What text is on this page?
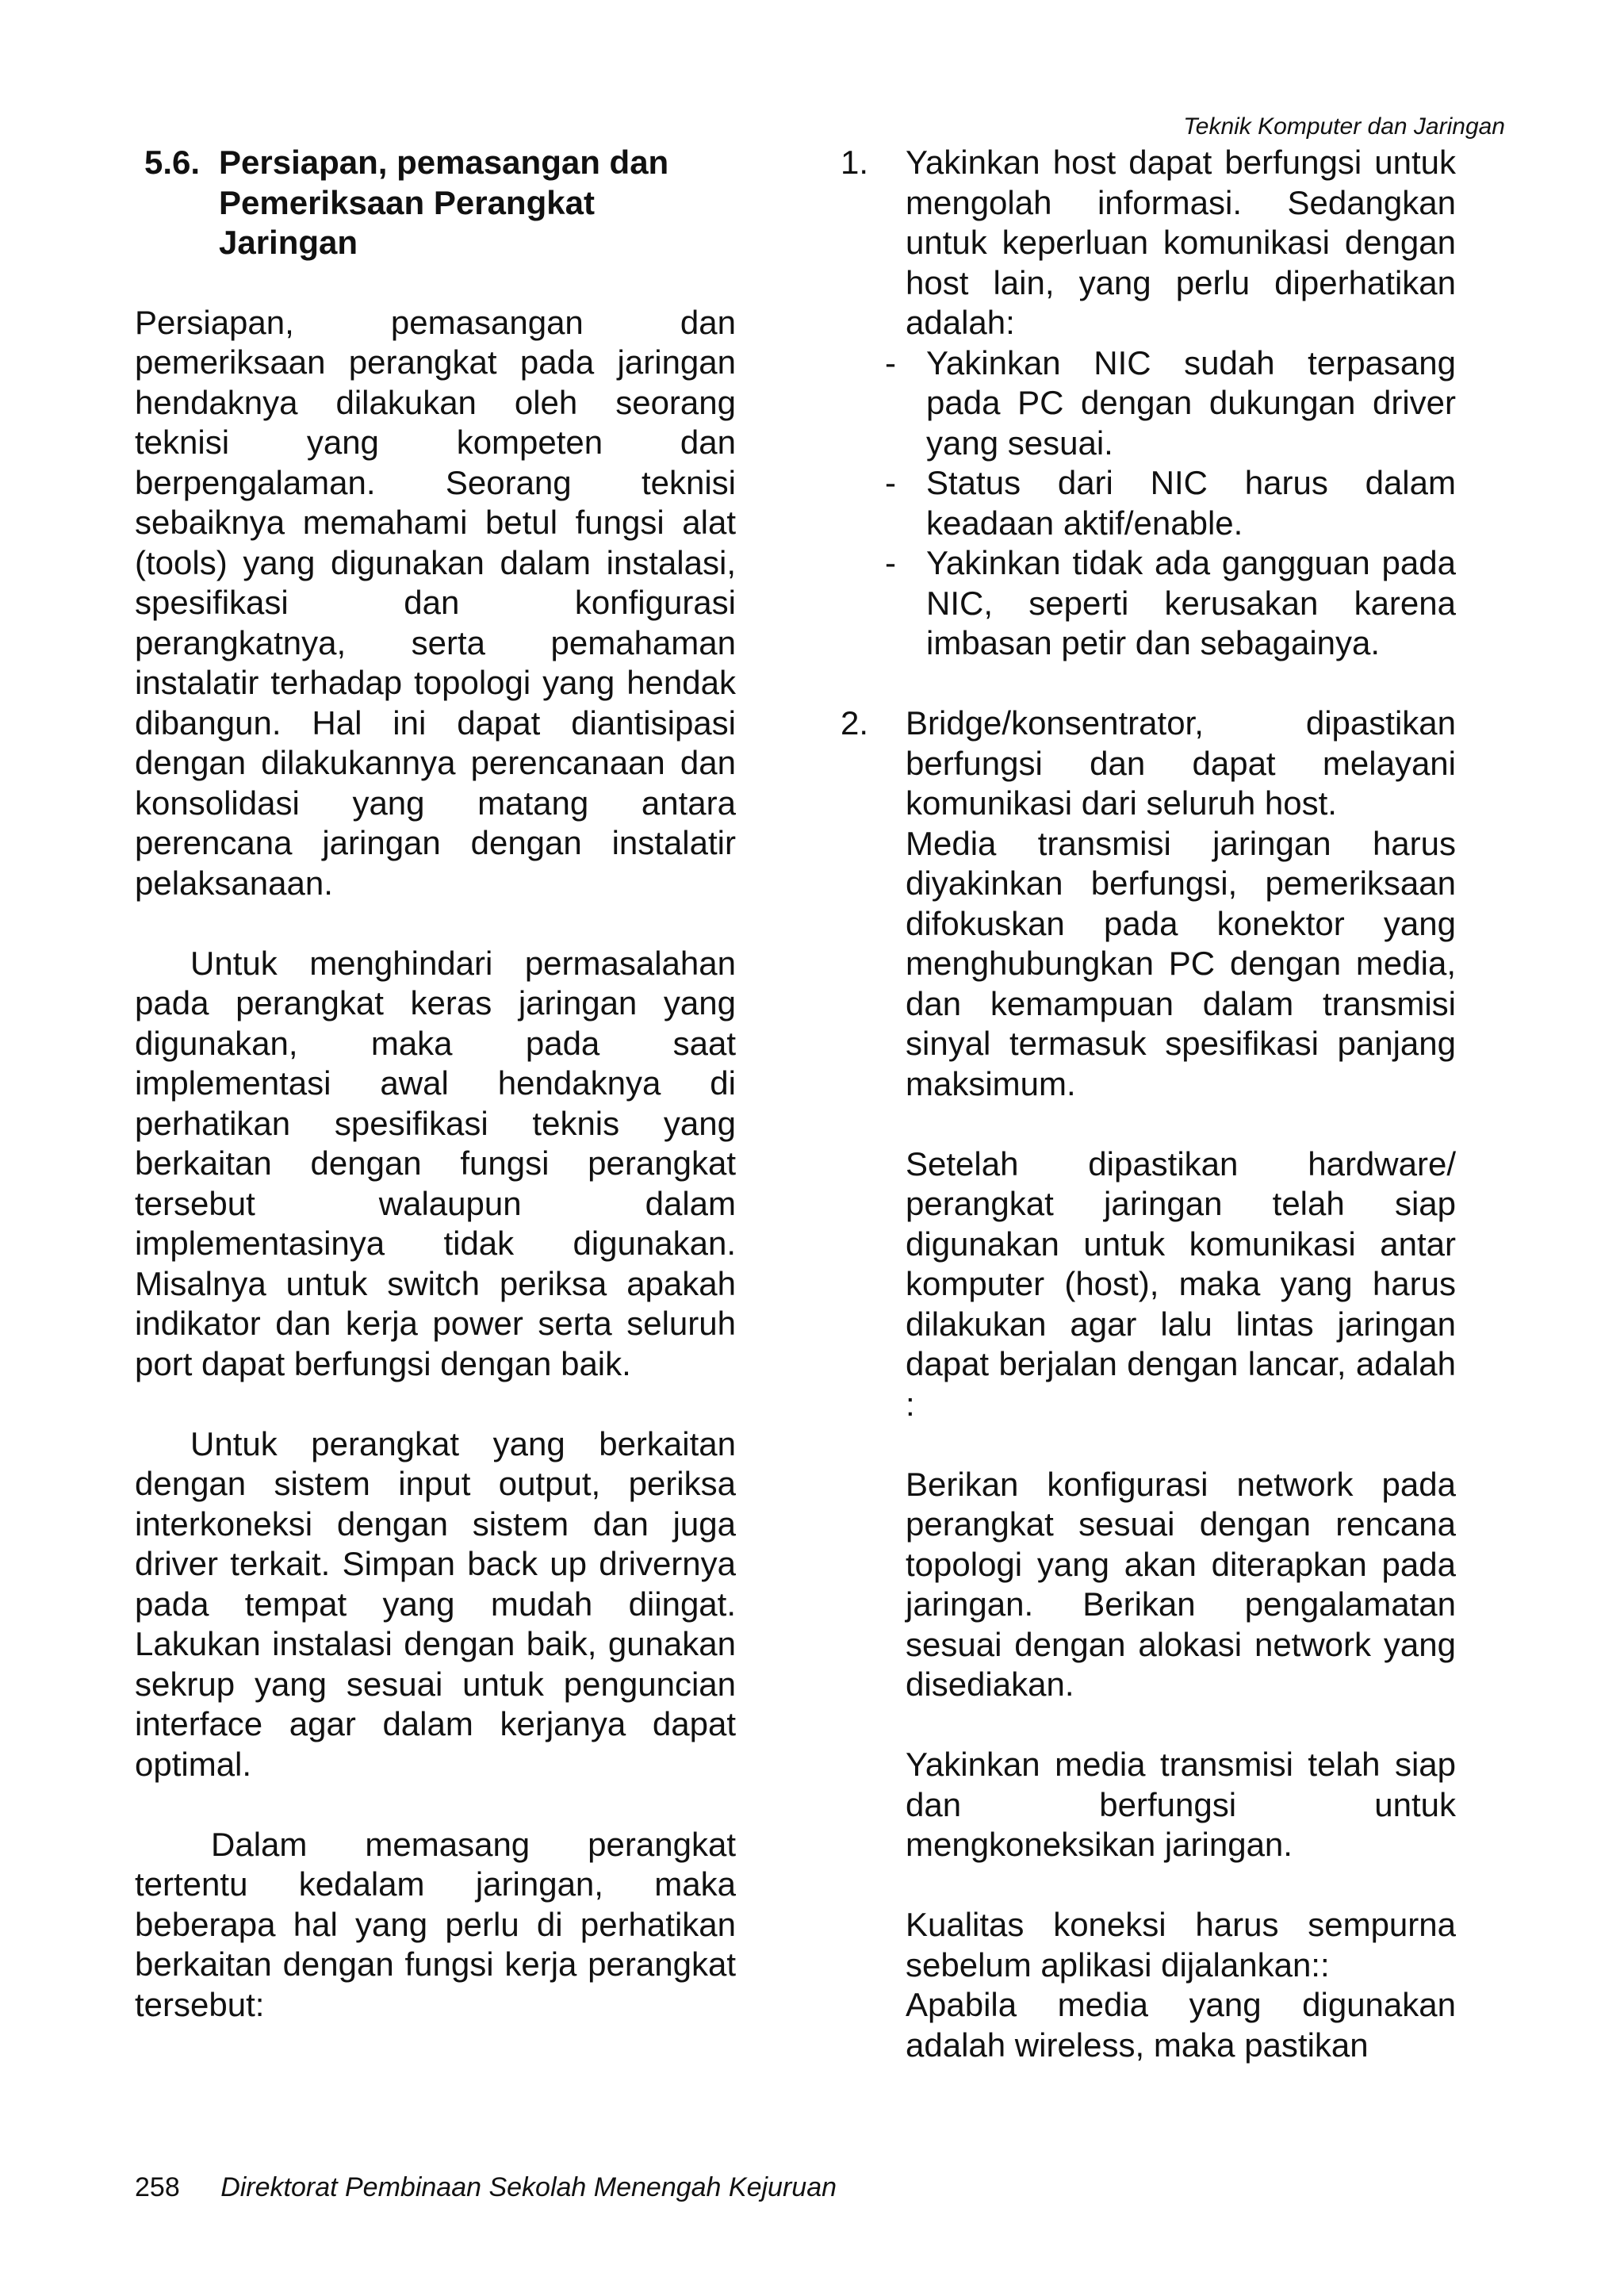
Teknik Komputer dan Jaringan
5.6. Persiapan, pemasangan dan Pemeriksaan Perangkat Jaringan

Persiapan, pemasangan dan pemeriksaan perangkat pada jaringan hendaknya dilakukan oleh seorang teknisi yang kompeten dan berpengalaman. Seorang teknisi sebaiknya memahami betul fungsi alat (tools) yang digunakan dalam instalasi, spesifikasi dan konfigurasi perangkatnya, serta pemahaman instalatir terhadap topologi yang hendak dibangun. Hal ini dapat diantisipasi dengan dilakukannya perencanaan dan konsolidasi yang matang antara perencana jaringan dengan instalatir pelaksanaan.

Untuk menghindari permasalahan pada perangkat keras jaringan yang digunakan, maka pada saat implementasi awal hendaknya di perhatikan spesifikasi teknis yang berkaitan dengan fungsi perangkat tersebut walaupun dalam implementasinya tidak digunakan. Misalnya untuk switch periksa apakah indikator dan kerja power serta seluruh port dapat berfungsi dengan baik.

Untuk perangkat yang berkaitan dengan sistem input output, periksa interkoneksi dengan sistem dan juga driver terkait. Simpan back up drivernya pada tempat yang mudah diingat. Lakukan instalasi dengan baik, gunakan sekrup yang sesuai untuk penguncian interface agar dalam kerjanya dapat optimal.

Dalam memasang perangkat tertentu kedalam jaringan, maka beberapa hal yang perlu di perhatikan berkaitan dengan fungsi kerja perangkat tersebut:

1.	Yakinkan host dapat berfungsi untuk mengolah informasi. Sedangkan untuk keperluan komunikasi dengan host lain, yang perlu diperhatikan adalah:

- Yakinkan NIC sudah terpasang pada PC dengan dukungan driver yang sesuai.
- Status dari NIC harus dalam keadaan aktif/enable.
- Yakinkan tidak ada gangguan pada NIC, seperti kerusakan karena imbasan petir dan sebagainya.
2.	Bridge/konsentrator, dipastikan berfungsi dan dapat melayani komunikasi dari seluruh host.

Media transmisi jaringan harus diyakinkan berfungsi, pemeriksaan difokuskan pada konektor yang menghubungkan PC dengan media, dan kemampuan dalam transmisi sinyal termasuk spesifikasi panjang maksimum.

Setelah dipastikan hardware/ perangkat jaringan telah siap digunakan untuk komunikasi antar komputer (host), maka yang harus dilakukan agar lalu lintas jaringan dapat berjalan dengan lancar, adalah :

Berikan konfigurasi network pada perangkat sesuai dengan rencana topologi yang akan diterapkan pada jaringan. Berikan pengalamatan sesuai dengan alokasi network yang disediakan.

Yakinkan media transmisi telah siap dan berfungsi untuk mengkoneksikan jaringan.

Kualitas koneksi harus sempurna sebelum aplikasi dijalankan::

Apabila media yang digunakan adalah wireless, maka pastikan

258 Direktorat Pembinaan Sekolah Menengah Kejuruan
